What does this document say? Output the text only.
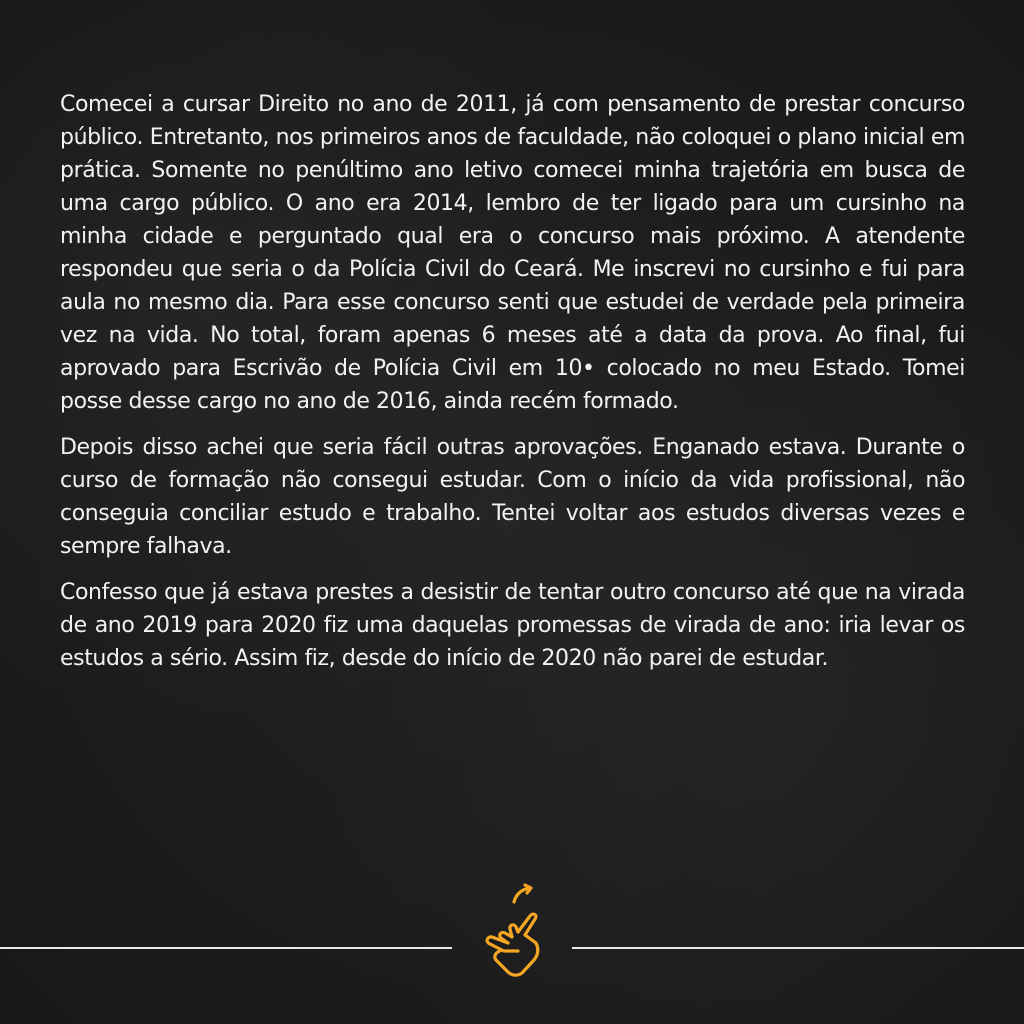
Comecei a cursar Direito no ano de 2011, já com pensamento de prestar concurso público. Entretanto, nos primeiros anos de faculdade, não coloquei o plano inicial em prática. Somente no penúltimo ano letivo comecei minha trajetória em busca de uma cargo público. O ano era 2014, lembro de ter ligado para um cursinho na minha cidade e perguntado qual era o concurso mais próximo. A atendente respondeu que seria o da Polícia Civil do Ceará. Me inscrevi no cursinho e fui para aula no mesmo dia. Para esse concurso senti que estudei de verdade pela primeira vez na vida. No total, foram apenas 6 meses até a data da prova. Ao final, fui aprovado para Escrivão de Polícia Civil em 10• colocado no meu Estado. Tomei posse desse cargo no ano de 2016, ainda recém formado.

Depois disso achei que seria fácil outras aprovações. Enganado estava. Durante o curso de formação não consegui estudar. Com o início da vida profissional, não conseguia conciliar estudo e trabalho. Tentei voltar aos estudos diversas vezes e sempre falhava.

Confesso que já estava prestes a desistir de tentar outro concurso até que na virada de ano 2019 para 2020 fiz uma daquelas promessas de virada de ano: iria levar os estudos a sério. Assim fiz, desde do início de 2020 não parei de estudar.
